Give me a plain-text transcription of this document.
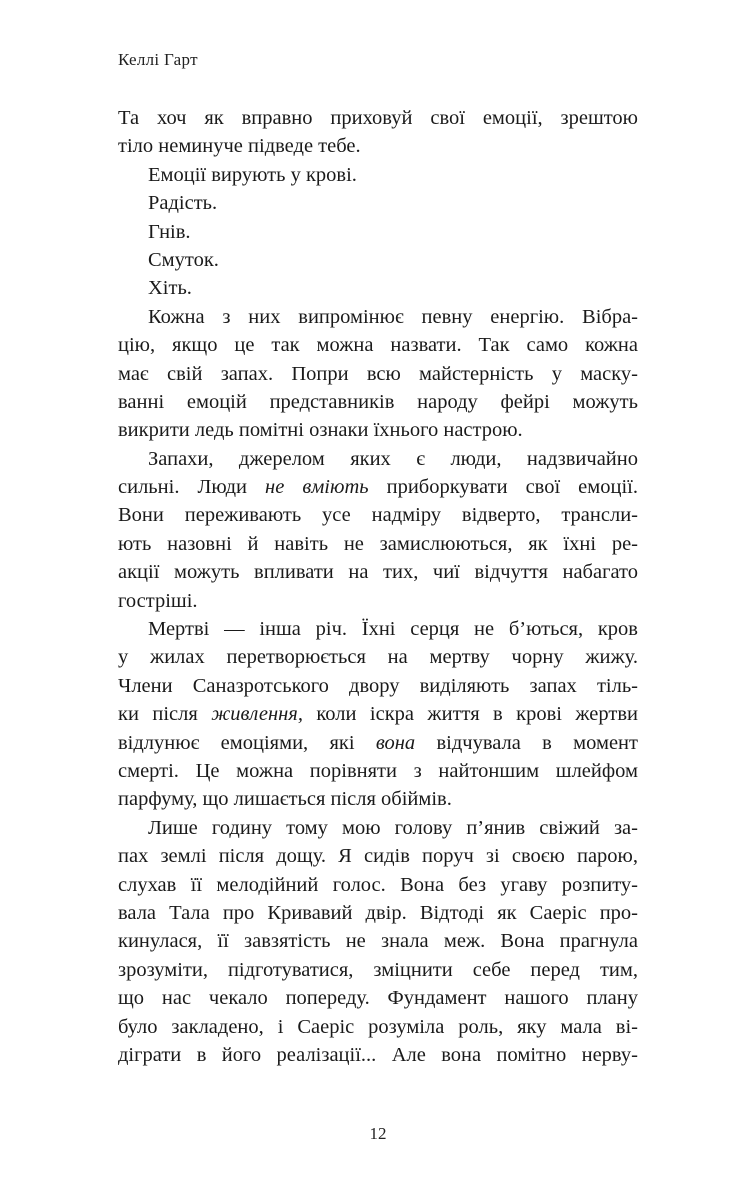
Келлі Гарт
Та хоч як вправно приховуй свої емоції, зрештою
тіло неминуче підведе тебе.
Емоції вирують у крові.
Радість.
Гнів.
Смуток.
Хіть.
Кожна з них випромінює певну енергію. Вібра-
цію, якщо це так можна назвати. Так само кожна
має свій запах. Попри всю майстерність у маску-
ванні емоцій представників народу фейрі можуть
викрити ледь помітні ознаки їхнього настрою.
Запахи, джерелом яких є люди, надзвичайно
сильні. Люди не вміють приборкувати свої емоції.
Вони переживають усе надміру відверто, трансли-
ють назовні й навіть не замислюються, як їхні ре-
акції можуть впливати на тих, чиї відчуття набагато
гостріші.
Мертві — інша річ. Їхні серця не б’ються, кров
у жилах перетворюється на мертву чорну жижу.
Члени Саназротського двору виділяють запах тіль-
ки після живлення, коли іскра життя в крові жертви
відлунює емоціями, які вона відчувала в момент
смерті. Це можна порівняти з найтоншим шлейфом
парфуму, що лишається після обіймів.
Лише годину тому мою голову п’янив свіжий за-
пах землі після дощу. Я сидів поруч зі своєю парою,
слухав її мелодійний голос. Вона без угаву розпиту-
вала Тала про Кривавий двір. Відтоді як Саеріс про-
кинулася, її завзятість не знала меж. Вона прагнула
зрозуміти, підготуватися, зміцнити себе перед тим,
що нас чекало попереду. Фундамент нашого плану
було закладено, і Саеріс розуміла роль, яку мала ві-
діграти в його реалізації... Але вона помітно нерву-
12
